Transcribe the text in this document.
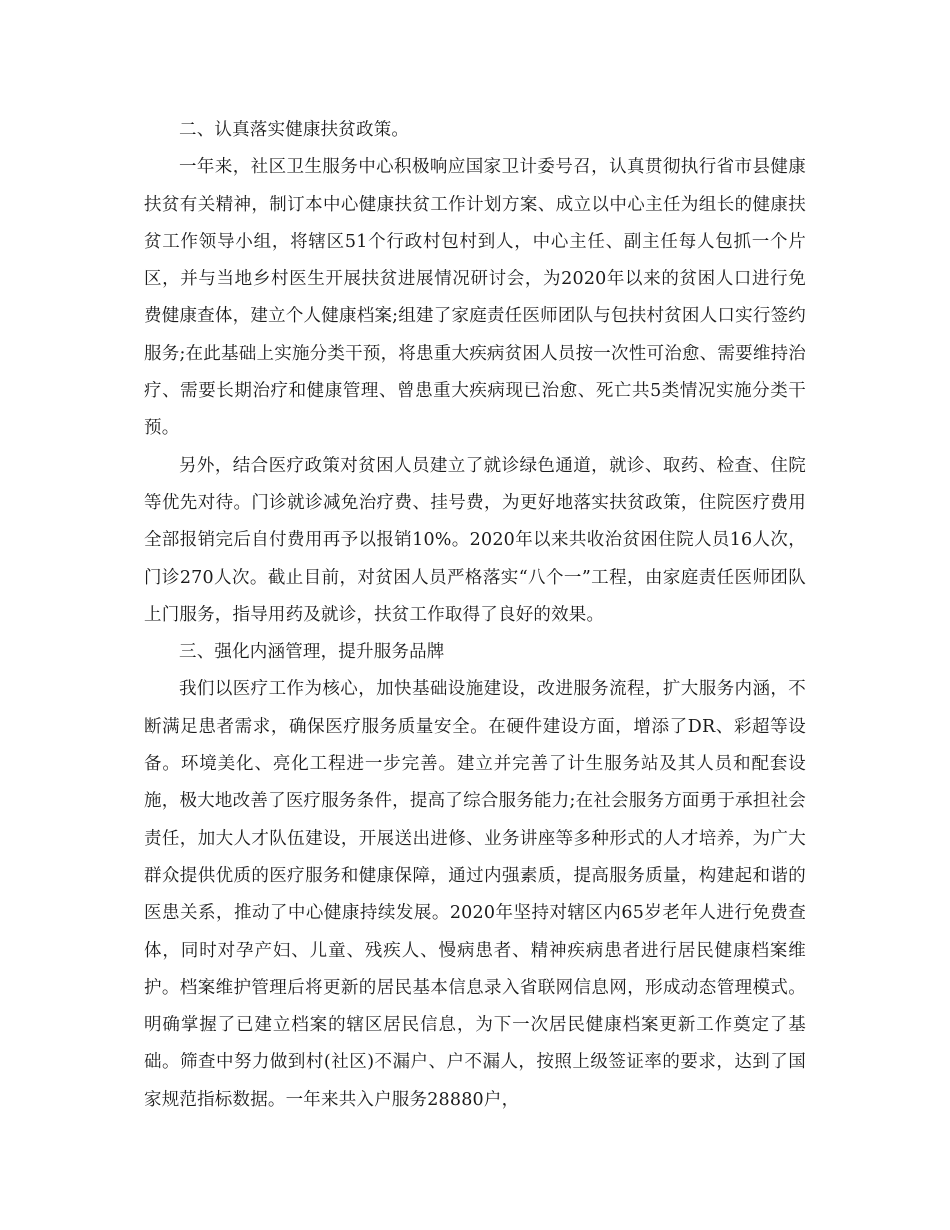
二、认真落实健康扶贫政策。

一年来，社区卫生服务中心积极响应国家卫计委号召，认真贯彻执行省市县健康扶贫有关精神，制订本中心健康扶贫工作计划方案、成立以中心主任为组长的健康扶贫工作领导小组，将辖区51个行政村包村到人，中心主任、副主任每人包抓一个片区，并与当地乡村医生开展扶贫进展情况研讨会，为2020年以来的贫困人口进行免费健康查体，建立个人健康档案;组建了家庭责任医师团队与包扶村贫困人口实行签约服务;在此基础上实施分类干预，将患重大疾病贫困人员按一次性可治愈、需要维持治疗、需要长期治疗和健康管理、曾患重大疾病现已治愈、死亡共5类情况实施分类干预。

另外，结合医疗政策对贫困人员建立了就诊绿色通道，就诊、取药、检查、住院等优先对待。门诊就诊减免治疗费、挂号费，为更好地落实扶贫政策，住院医疗费用全部报销完后自付费用再予以报销10%。2020年以来共收治贫困住院人员16人次，门诊270人次。截止目前，对贫困人员严格落实“八个一”工程，由家庭责任医师团队上门服务，指导用药及就诊，扶贫工作取得了良好的效果。

三、强化内涵管理，提升服务品牌

我们以医疗工作为核心，加快基础设施建设，改进服务流程，扩大服务内涵，不断满足患者需求，确保医疗服务质量安全。在硬件建设方面，增添了DR、彩超等设备。环境美化、亮化工程进一步完善。建立并完善了计生服务站及其人员和配套设施，极大地改善了医疗服务条件，提高了综合服务能力;在社会服务方面勇于承担社会责任，加大人才队伍建设，开展送出进修、业务讲座等多种形式的人才培养，为广大群众提供优质的医疗服务和健康保障，通过内强素质，提高服务质量，构建起和谐的医患关系，推动了中心健康持续发展。2020年坚持对辖区内65岁老年人进行免费查体，同时对孕产妇、儿童、残疾人、慢病患者、精神疾病患者进行居民健康档案维护。档案维护管理后将更新的居民基本信息录入省联网信息网，形成动态管理模式。明确掌握了已建立档案的辖区居民信息，为下一次居民健康档案更新工作奠定了基础。筛查中努力做到村(社区)不漏户、户不漏人，按照上级签证率的要求，达到了国家规范指标数据。一年来共入户服务28880户，
